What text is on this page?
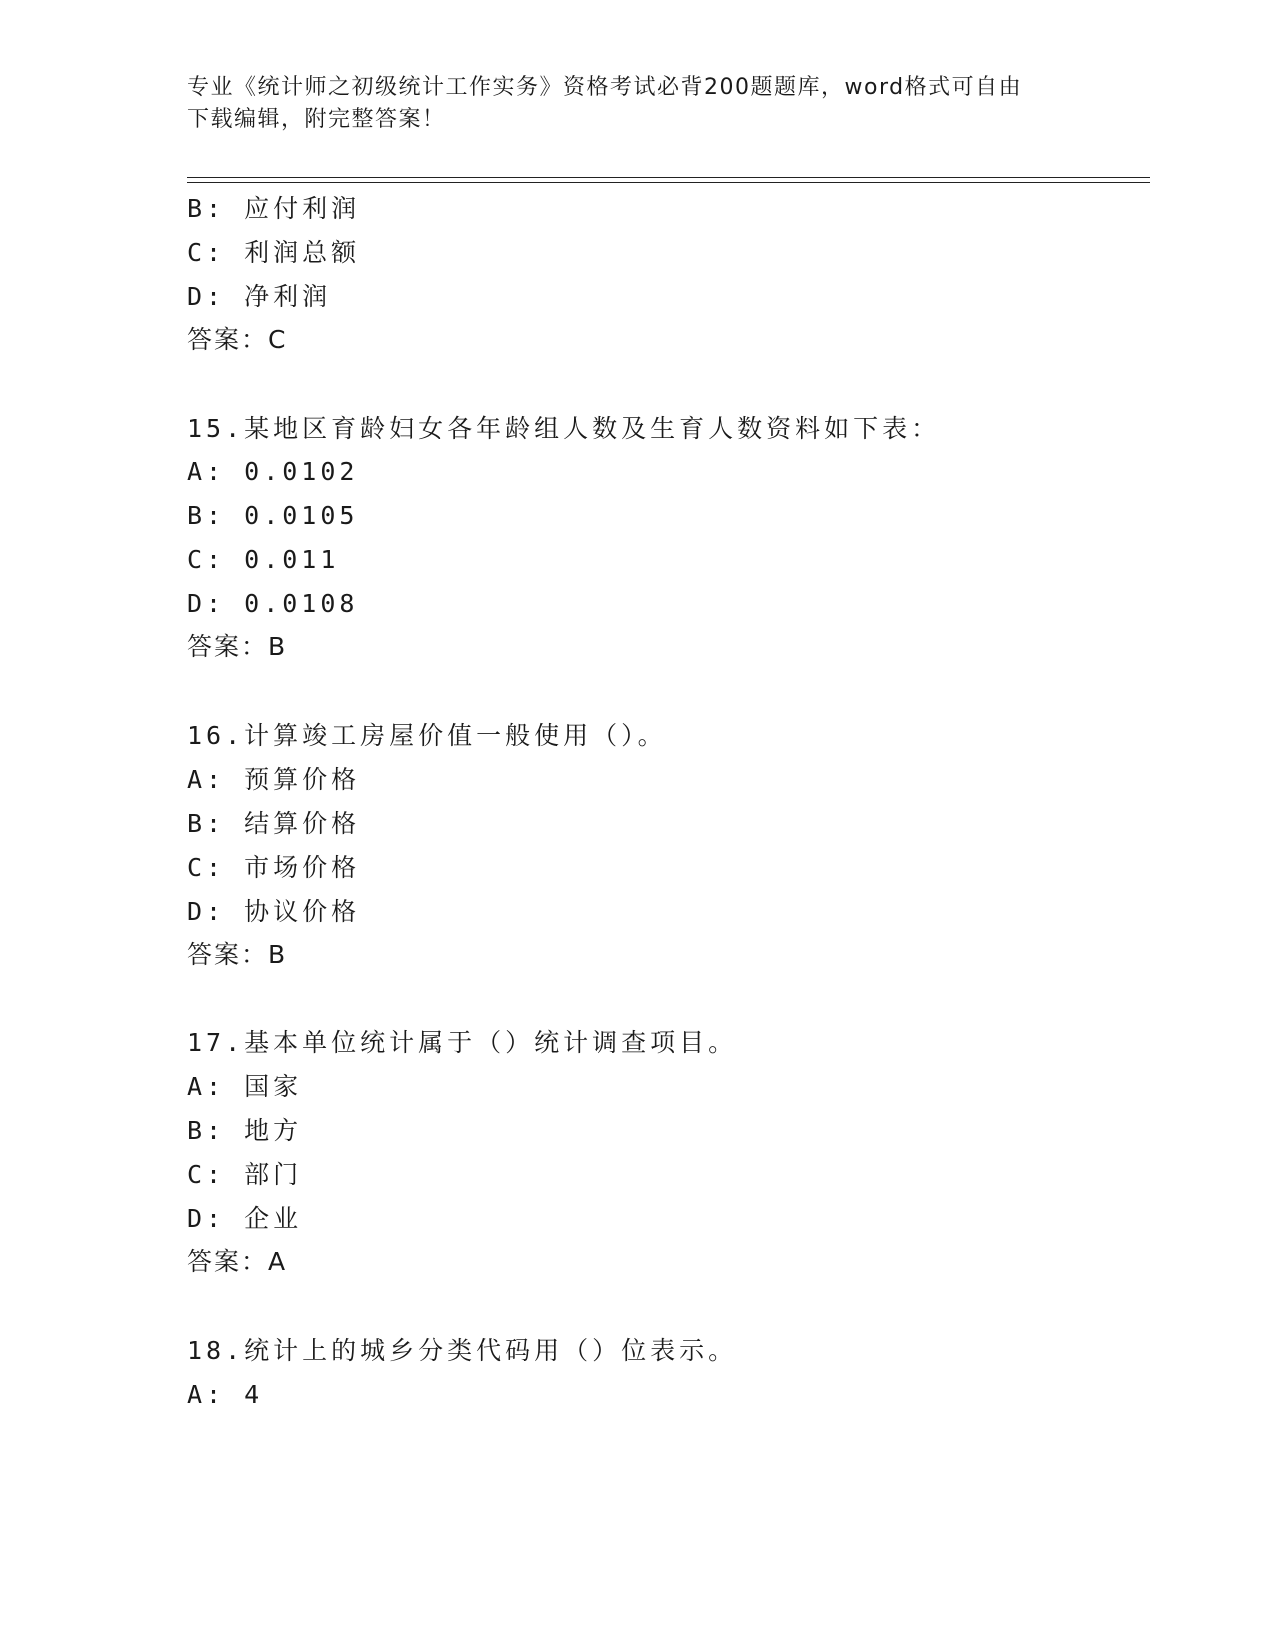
专业《统计师之初级统计工作实务》资格考试必背200题题库，word格式可自由
下载编辑，附完整答案！
B: 应付利润
C: 利润总额
D: 净利润
答案：C
15.某地区育龄妇女各年龄组人数及生育人数资料如下表：
A: 0.0102
B: 0.0105
C: 0.011
D: 0.0108
答案：B
16.计算竣工房屋价值一般使用（）。
A: 预算价格
B: 结算价格
C: 市场价格
D: 协议价格
答案：B
17.基本单位统计属于（）统计调查项目。
A: 国家
B: 地方
C: 部门
D: 企业
答案：A
18.统计上的城乡分类代码用（）位表示。
A: 4
